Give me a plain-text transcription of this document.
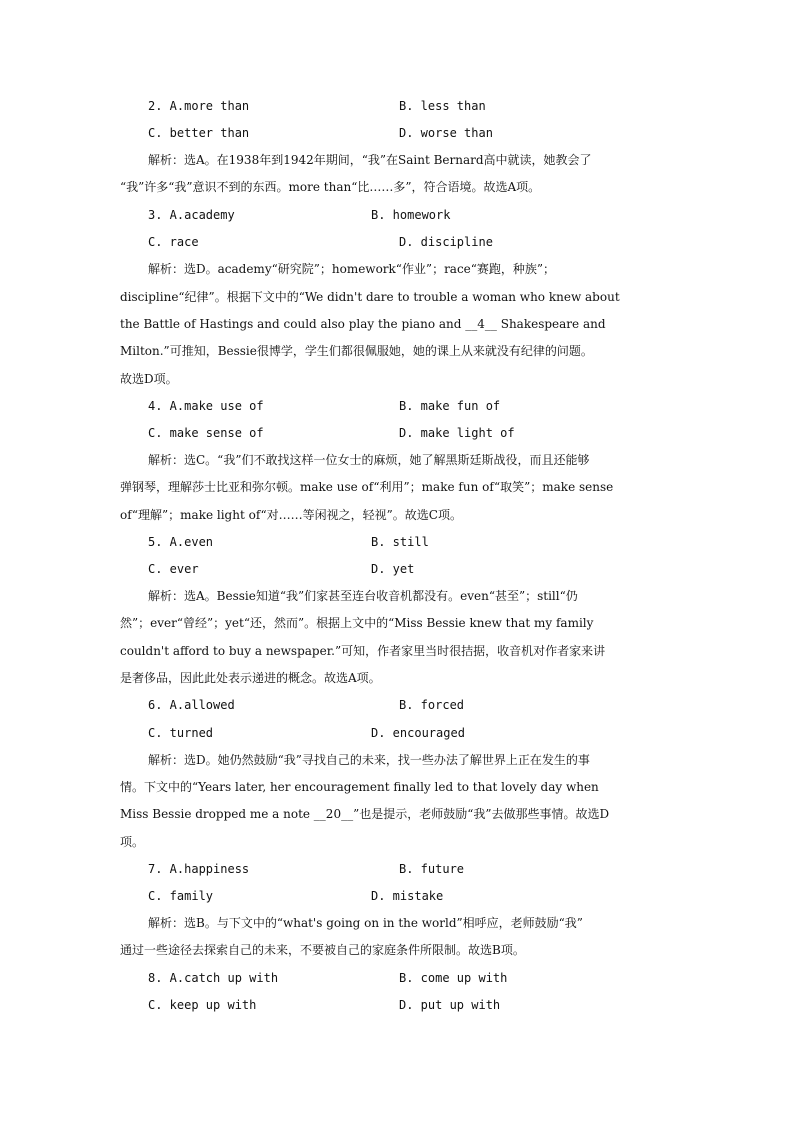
2. A.more than	B. less than
C. better than	D. worse than
解析：选A。在1938年到1942年期间，“我”在Saint Bernard高中就读，她教会了
“我”许多“我”意识不到的东西。more than“比……多”，符合语境。故选A项。
3. A.academy	B. homework
C. race	D. discipline
解析：选D。academy“研究院”；homework“作业”；race“赛跑，种族”；
discipline“纪律”。根据下文中的“We didn't dare to trouble a woman who knew about
the Battle of Hastings and could also play the piano and __4__ Shakespeare and
Milton.”可推知，Bessie很博学，学生们都很佩服她，她的课上从来就没有纪律的问题。
故选D项。
4. A.make use of	B. make fun of
C. make sense of	D. make light of
解析：选C。“我”们不敢找这样一位女士的麻烦，她了解黑斯廷斯战役，而且还能够
弹钢琴，理解莎士比亚和弥尔顿。make use of“利用”；make fun of“取笑”；make sense
of“理解”；make light of“对……等闲视之，轻视”。故选C项。
5. A.even	B. still
C. ever	D. yet
解析：选A。Bessie知道“我”们家甚至连台收音机都没有。even“甚至”；still“仍
然”；ever“曾经”；yet“还，然而”。根据上文中的“Miss Bessie knew that my family
couldn't afford to buy a newspaper.”可知，作者家里当时很拮据，收音机对作者家来讲
是奢侈品，因此此处表示递进的概念。故选A项。
6. A.allowed	B. forced
C. turned	D. encouraged
解析：选D。她仍然鼓励“我”寻找自己的未来，找一些办法了解世界上正在发生的事
情。下文中的“Years later, her encouragement finally led to that lovely day when
Miss Bessie dropped me a note __20__”也是提示，老师鼓励“我”去做那些事情。故选D
项。
7. A.happiness	B. future
C. family	D. mistake
解析：选B。与下文中的“what's going on in the world”相呼应，老师鼓励“我”
通过一些途径去探索自己的未来，不要被自己的家庭条件所限制。故选B项。
8. A.catch up with	B. come up with
C. keep up with	D. put up with
